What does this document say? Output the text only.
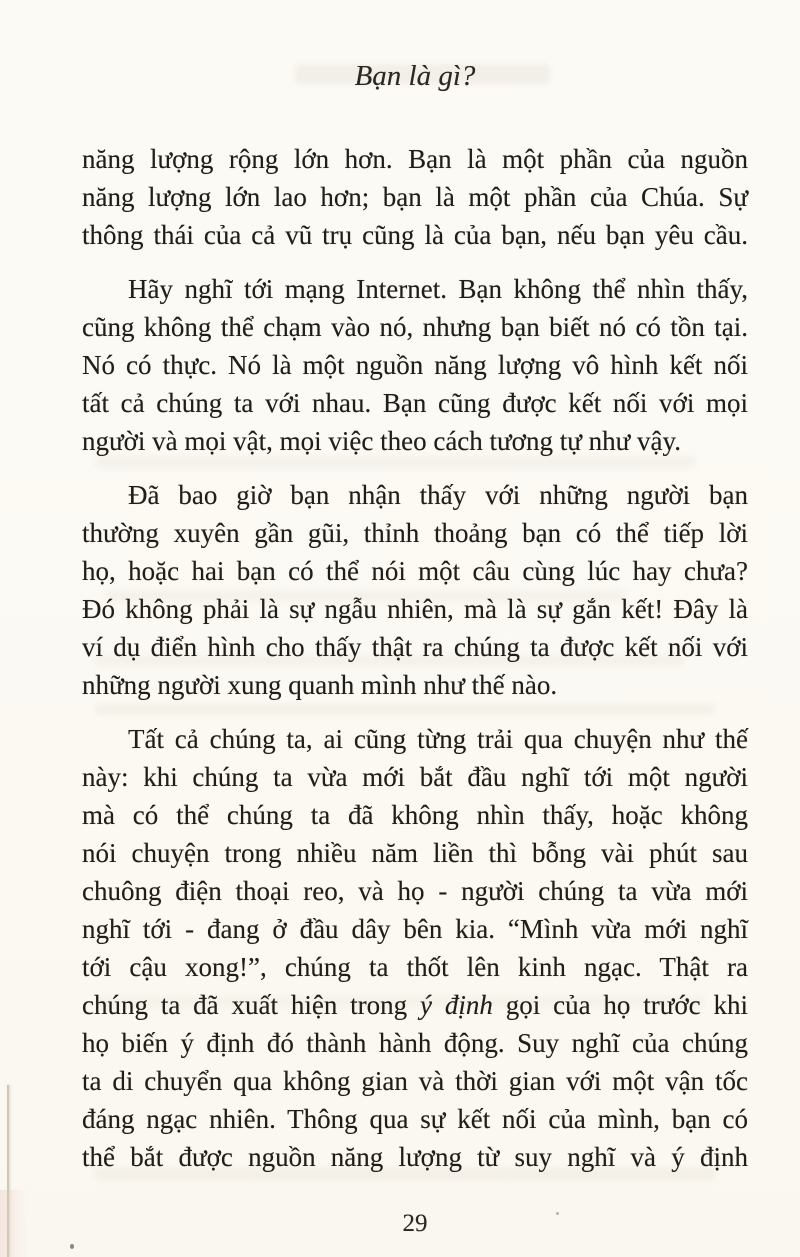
Bạn là gì?

năng lượng rộng lớn hơn. Bạn là một phần của nguồn
năng lượng lớn lao hơn; bạn là một phần của Chúa. Sự
thông thái của cả vũ trụ cũng là của bạn, nếu bạn yêu cầu.

Hãy nghĩ tới mạng Internet. Bạn không thể nhìn thấy,
cũng không thể chạm vào nó, nhưng bạn biết nó có tồn tại.
Nó có thực. Nó là một nguồn năng lượng vô hình kết nối
tất cả chúng ta với nhau. Bạn cũng được kết nối với mọi
người và mọi vật, mọi việc theo cách tương tự như vậy.

Đã bao giờ bạn nhận thấy với những người bạn
thường xuyên gần gũi, thỉnh thoảng bạn có thể tiếp lời
họ, hoặc hai bạn có thể nói một câu cùng lúc hay chưa?
Đó không phải là sự ngẫu nhiên, mà là sự gắn kết! Đây là
ví dụ điển hình cho thấy thật ra chúng ta được kết nối với
những người xung quanh mình như thế nào.

Tất cả chúng ta, ai cũng từng trải qua chuyện như thế
này: khi chúng ta vừa mới bắt đầu nghĩ tới một người
mà có thể chúng ta đã không nhìn thấy, hoặc không
nói chuyện trong nhiều năm liền thì bỗng vài phút sau
chuông điện thoại reo, và họ - người chúng ta vừa mới
nghĩ tới - đang ở đầu dây bên kia. “Mình vừa mới nghĩ
tới cậu xong!”, chúng ta thốt lên kinh ngạc. Thật ra
chúng ta đã xuất hiện trong ý định gọi của họ trước khi
họ biến ý định đó thành hành động. Suy nghĩ của chúng
ta di chuyển qua không gian và thời gian với một vận tốc
đáng ngạc nhiên. Thông qua sự kết nối của mình, bạn có
thể bắt được nguồn năng lượng từ suy nghĩ và ý định

29
